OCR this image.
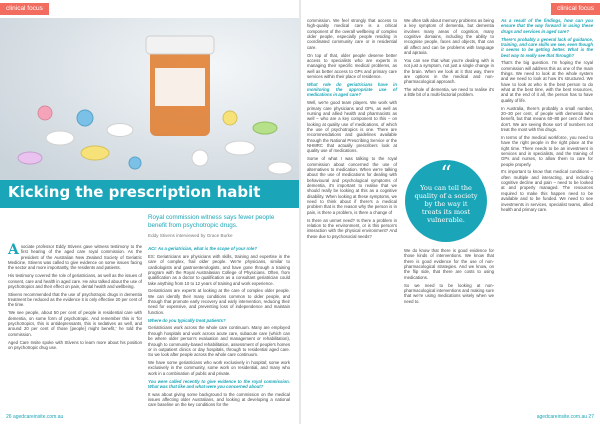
clinical focus
Kicking the prescription habit
Royal commission witness says fewer people benefit from psychotropic drugs.
Eddy Stivens interviewed by Grace Burke

A sociate professor Eddy Stivens gave witness testimony to the first hearing of the aged care royal commission. As the president of the Australian New Zealand Society of Geriatric Medicine, Stivens was called to give evidence on some issues facing the sector and more importantly, the residents and patients.

His testimony covered the role of geriatricians, as well as the issues of consent, care and health in aged care. He also talked about the use of psychotropics and their effect on pain, dental health and wellbeing.

Stivens recommended that the use of psychotropic drugs in dementia treatment be reduced as the evidence it is only effective 20 per cent of the time.

'We see people, about 50 per cent of people in residential care with dementia, on some form of psychotropic. And remember this is 'for psychotropics, this is antidepressants, this is sedatives as well, and around 20 per cent of those [people] might benefit,' he told the commission.

Aged Care Insite spoke with Stivens to learn more about his position on psychotropic drug use.

ACI: As a geriatrician, what is the scope of your role?

ES: Geriatricians are physicians with skills, training and expertise in the care of complex, frail older people. We're physicians, similar to cardiologists and gastroenterologists, and have gone through a training program with the Royal Australasian College of Physicians. Often, from qualification as a doctor to qualification as a consultant geriatrician could take anything from 10 to 12 years of training and work experience.

Geriatricians are experts at looking at the care of complex older people. We can identify their many conditions common to older people, and through that promote early recovery and early intervention, reducing their need for expensive, and preventing loss of independence and maintain function.

Where do you typically treat patients?

Geriatricians work across the whole care continuum. Many are employed through hospitals and work across acute care, subacute care (which can be where older person's evaluation and management or rehabilitation), through to community-based rehabilitation, assessment of people's homes or in outpatient clinics or day hospitals, through to residential aged care. So we look after people across the whole care continuum.

We have some geriatricians who work exclusively in hospital; some work exclusively in the community, some work on residential, and many who work in a combination of public and private.

You were called recently to give evidence to the royal commission. What was that like and what were you concerned about?

It was about giving some background to the commission on the medical issues affecting older Australians, and looking at developing a national care baseline on the key conditions for the

26 agedcareinsite.com.au
clinical focus

commission. We feel strongly that access to high-quality medical care is a critical component of the overall wellbeing of complex older people, especially people residing in coordinated community care or in residential care.

On top of that, older people deserve better access to specialists who are experts in managing their specific medical problems, as well as better access to GPs and primary care services within their place of residence.

What role do geriatricians have in monitoring the appropriate use of medications in aged care?

Well, we're good team players. We work with primary care physicians and GPs, as well as nursing and allied health and pharmacists as well – who are a key component to this – on looking at quality use of medications, of which the use of psychotropics is one. There are recommendations and guidelines available through the National Prescribing Service or the NHMRC that actually prescribers look at quality use of medications.

Some of what I was talking to the royal commission about concerned the use of alternatives to medication. When we're talking about the use of medications for dealing with behavioural and psychological symptoms of dementia, it's important to realise that we should really be looking at this as a cognitive disability. When looking at these symptoms, we need to think about if there's a medical problem that is the reason why the person is in pain, is there a problem, is there a change of

Is there an unmet need? Is there a problem in relation to the environment, or is this person's interaction with the physical environment? And these due to psychosocial needs?

We often talk about memory problems as being a key symptom of dementia, but dementia involves many areas of cognition, many cognitive domains, including the ability to recognise people, faces and objects, that can all affect and can be problems with language and apraxia.

You can see that what you're dealing with is not just a symptom, not just a single change in the brain. When we look at it that way, there are options in the medical and non-pharmacological approach.

The whole of dementia, we need to realise it's a little bit of a multi-factorial problem.

“
You can tell the quality of a society by the way it treats its most vulnerable.

We do know that there is good evidence for those kinds of interventions. We know that there is good evidence for the use of non-pharmacological strategies. And we know, on the flip side, that there are costs to using medications.

So we need to be looking at non-pharmacological interventions and making sure that we're using medications wisely when we need to.

As a result of the findings, how can you ensure that the way forward in using these drugs and services in aged care?

There's probably a general lack of guidance, training, and care skills we see, even though it seems to be getting better. What is the best way to really see that through?

That's the big question. I'm hoping the royal commission will address this as one of the main things. We need to look at the whole system and we need to look at how it's structured. We have to look at who is the best person to do what at the best time, with the best resources, and at the end of it all, the person has to have quality of life.

In Australia, there's probably a small number, 20–30 per cent, of people with dementia who benefit, but that means 60–80 per cent of them don't. We are seeing those sort of numbers not treat the most with this drugs.

In terms of the medical workforce, you need to have the right people in the right place at the right time. There needs to be an investment in services and in specialists, and the training of GPs and nurses, to allow them to care for people properly.

It's important to know that medical conditions – often multiple and interacting, and including cognitive decline and pain – need to be looked at and properly managed. The resources required to make this happen need to be available and to be funded. We need to see investments in services, specialist teams, allied health and primary care.

agedcareinsite.com.au 27
